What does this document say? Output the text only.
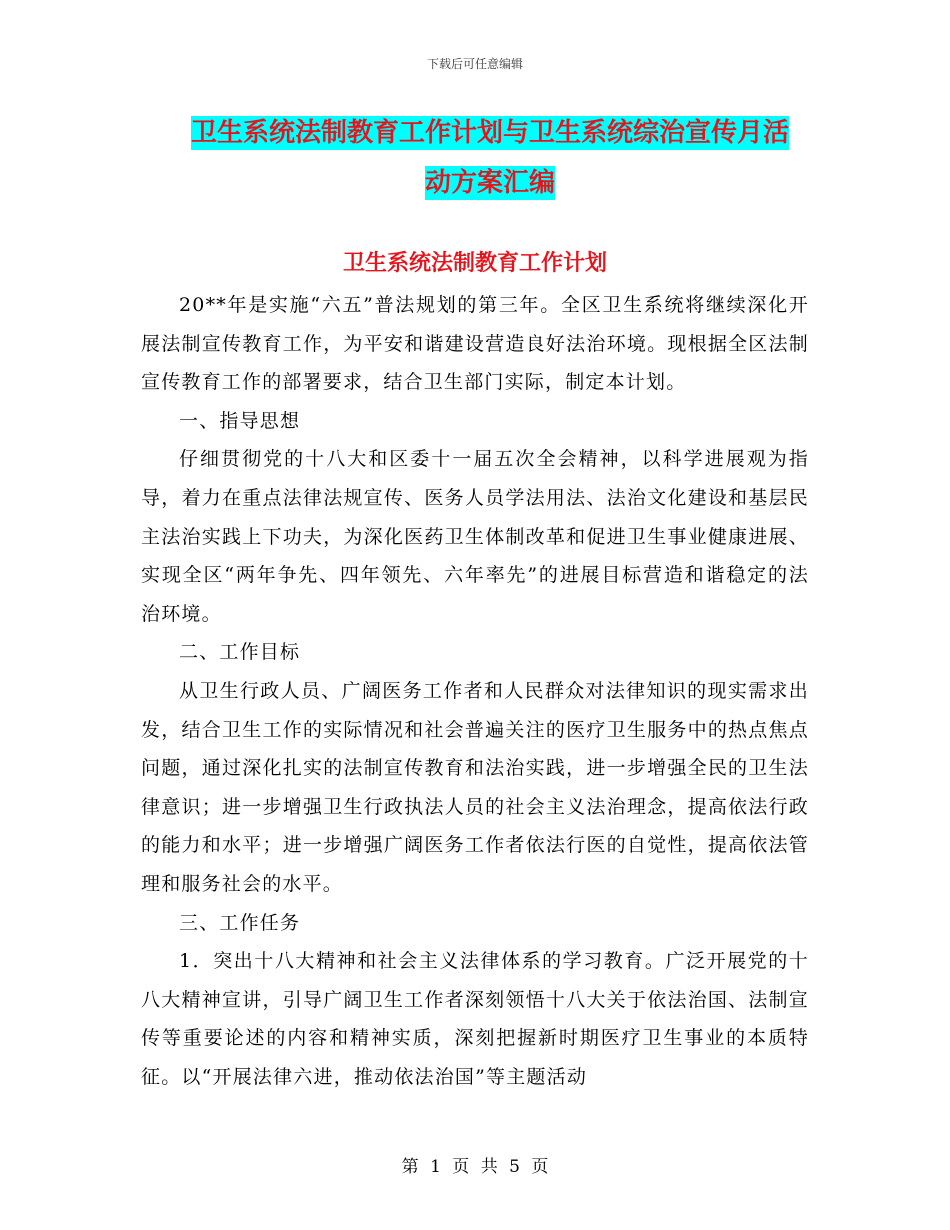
下载后可任意编辑
卫生系统法制教育工作计划与卫生系统综治宣传月活
动方案汇编
卫生系统法制教育工作计划

20**年是实施“六五”普法规划的第三年。全区卫生系统将继续深化开展法制宣传教育工作，为平安和谐建设营造良好法治环境。现根据全区法制宣传教育工作的部署要求，结合卫生部门实际，制定本计划。

一、指导思想

仔细贯彻党的十八大和区委十一届五次全会精神，以科学进展观为指导，着力在重点法律法规宣传、医务人员学法用法、法治文化建设和基层民主法治实践上下功夫，为深化医药卫生体制改革和促进卫生事业健康进展、实现全区“两年争先、四年领先、六年率先”的进展目标营造和谐稳定的法治环境。

二、工作目标

从卫生行政人员、广阔医务工作者和人民群众对法律知识的现实需求出发，结合卫生工作的实际情况和社会普遍关注的医疗卫生服务中的热点焦点问题，通过深化扎实的法制宣传教育和法治实践，进一步增强全民的卫生法律意识；进一步增强卫生行政执法人员的社会主义法治理念，提高依法行政的能力和水平；进一步增强广阔医务工作者依法行医的自觉性，提高依法管理和服务社会的水平。

三、工作任务

1．突出十八大精神和社会主义法律体系的学习教育。广泛开展党的十八大精神宣讲，引导广阔卫生工作者深刻领悟十八大关于依法治国、法制宣传等重要论述的内容和精神实质，深刻把握新时期医疗卫生事业的本质特征。以“开展法律六进，推动依法治国”等主题活动

第 1 页 共 5 页
